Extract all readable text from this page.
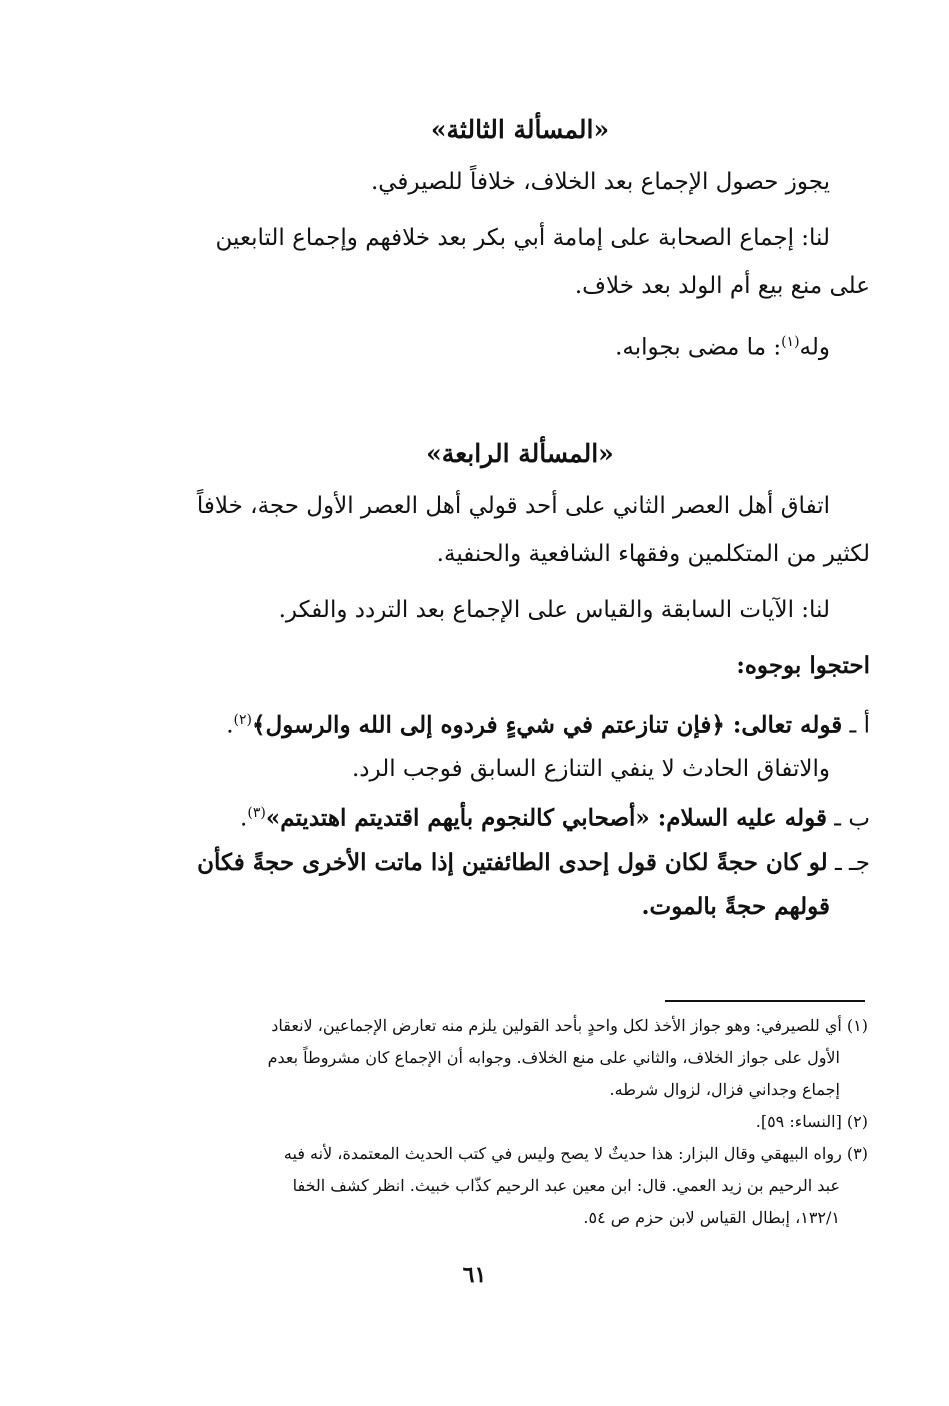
«المسألة الثالثة»

يجوز حصول الإجماع بعد الخلاف، خلافاً للصيرفي.

لنا: إجماع الصحابة على إمامة أبي بكر بعد خلافهم وإجماع التابعين على منع بيع أم الولد بعد خلاف.

وله$^{(١)}$: ما مضى بجوابه.

«المسألة الرابعة»

اتفاق أهل العصر الثاني على أحد قولي أهل العصر الأول حجة، خلافاً لكثير من المتكلمين وفقهاء الشافعية والحنفية.

لنا: الآيات السابقة والقياس على الإجماع بعد التردد والفكر.

احتجوا بوجوه:

أ ـ قوله تعالى: ﴿فإن تنازعتم في شيءٍ فردوه إلى الله والرسول﴾$^{(٢)}$.
والاتفاق الحادث لا ينفي التنازع السابق فوجب الرد.

ب ـ قوله عليه السلام: «أصحابي كالنجوم بأيهم اقتديتم اهتديتم»$^{(٣)}$.

جـ ـ لو كان حجةً لكان قول إحدى الطائفتين إذا ماتت الأخرى حجةً فكأن
قولهم حجةً بالموت.

(١) أي للصيرفي: وهو جواز الأخذ لكل واحدٍ بأحد القولين يلزم منه تعارض الإجماعين، لانعقاد
الأول على جواز الخلاف، والثاني على منع الخلاف. وجوابه أن الإجماع كان مشروطاً بعدم
إجماع وجداني فزال، لزوال شرطه.

(٢) [النساء: ٥٩].

(٣) رواه البيهقي وقال البزار: هذا حديثٌ لا يصح وليس في كتب الحديث المعتمدة، لأنه فيه
عبد الرحيم بن زيد العمي. قال: ابن معين عبد الرحيم كذّاب خبيث. انظر كشف الخفا
١٣٢/١، إبطال القياس لابن حزم ص ٥٤.

٦١
